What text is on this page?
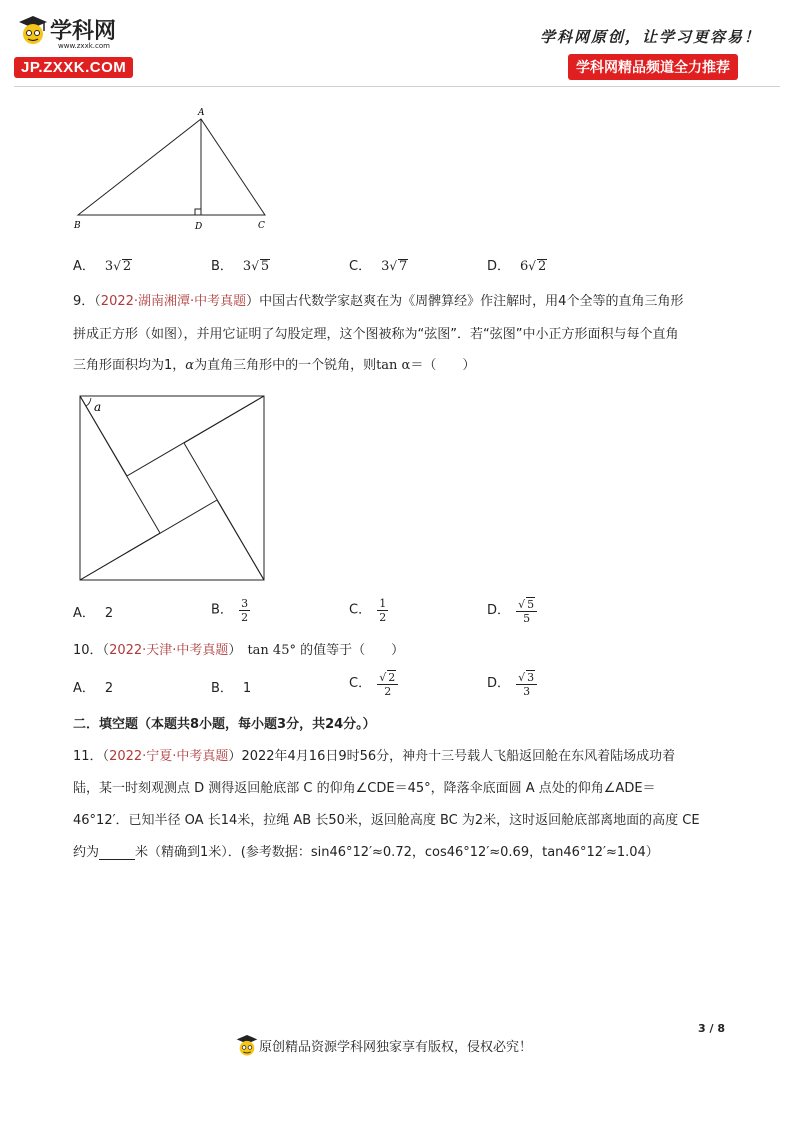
学科网
www.zxxk.com
JP.ZXXK.COM
学科网原创，让学习更容易！
学科网精品频道全力推荐
A
B	D	C
A． 3√ 2	B． 3√ 5	C． 3√ 7	D． 6√ 2
9．（2022·湖南湘潭·中考真题）中国古代数学家赵爽在为《周髀算经》作注解时，用4个全等的直角三角形
拼成正方形（如图），并用它证明了勾股定理，这个图被称为“弦图”．若“弦图”中小正方形面积与每个直角
三角形面积均为1，α为直角三角形中的一个锐角，则tan α＝（　　）
a
A． 2	B． $\frac{3}{2}$	C． $\frac{1}{2}$	D． $\frac{√ 5}{5}$
10．（2022·天津·中考真题） tan 45° 的值等于（　　）
A． 2	B． 1	C． $\frac{√ 2}{2}$	D． $\frac{√ 3}{3}$
二．填空题（本题共8小题，每小题3分，共24分。）
11．（2022·宁夏·中考真题）2022年4月16日9时56分，神舟十三号载人飞船返回舱在东风着陆场成功着
陆，某一时刻观测点 D 测得返回舱底部 C 的仰角∠CDE＝45°，降落伞底面圆 A 点处的仰角∠ADE＝
46°12′．已知半径 OA 长14米，拉绳 AB 长50米，返回舱高度 BC 为2米，这时返回舱底部离地面的高度 CE
约为	米（精确到1米）．(参考数据：sin46°12′≈0.72，cos46°12′≈0.69，tan46°12′≈1.04）
3 / 8
原创精品资源学科网独家享有版权，侵权必究！
